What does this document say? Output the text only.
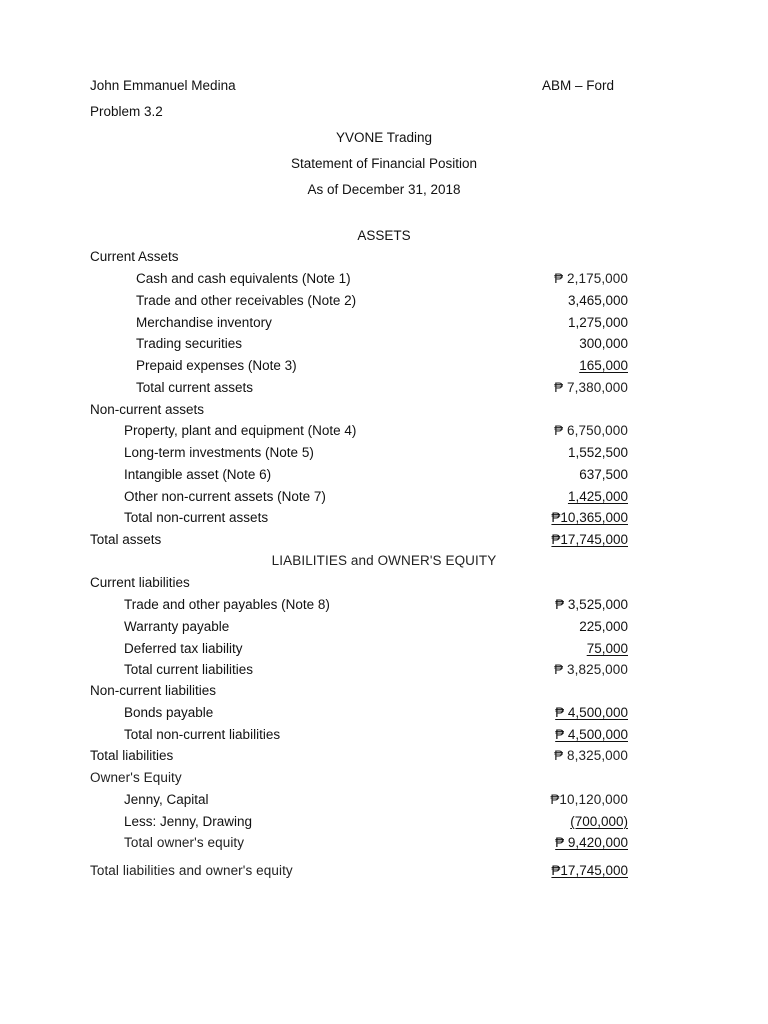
John Emmanuel Medina	ABM – Ford
Problem 3.2
YVONE Trading
Statement of Financial Position
As of December 31, 2018
ASSETS
Current Assets
Cash and cash equivalents (Note 1)	₱ 2,175,000
Trade and other receivables (Note 2)	3,465,000
Merchandise inventory	1,275,000
Trading securities	300,000
Prepaid expenses (Note 3)	165,000
Total current assets	₱ 7,380,000
Non-current assets
Property, plant and equipment (Note 4)	₱ 6,750,000
Long-term investments (Note 5)	1,552,500
Intangible asset (Note 6)	637,500
Other non-current assets (Note 7)	1,425,000
Total non-current assets	₱10,365,000
Total assets	₱17,745,000
LIABILITIES and OWNER'S EQUITY
Current liabilities
Trade and other payables (Note 8)	₱ 3,525,000
Warranty payable	225,000
Deferred tax liability	75,000
Total current liabilities	₱ 3,825,000
Non-current liabilities
Bonds payable	₱ 4,500,000
Total non-current liabilities	₱ 4,500,000
Total liabilities	₱ 8,325,000
Owner's Equity
Jenny, Capital	₱10,120,000
Less: Jenny, Drawing	(700,000)
Total owner's equity	₱ 9,420,000
Total liabilities and owner's equity	₱17,745,000
